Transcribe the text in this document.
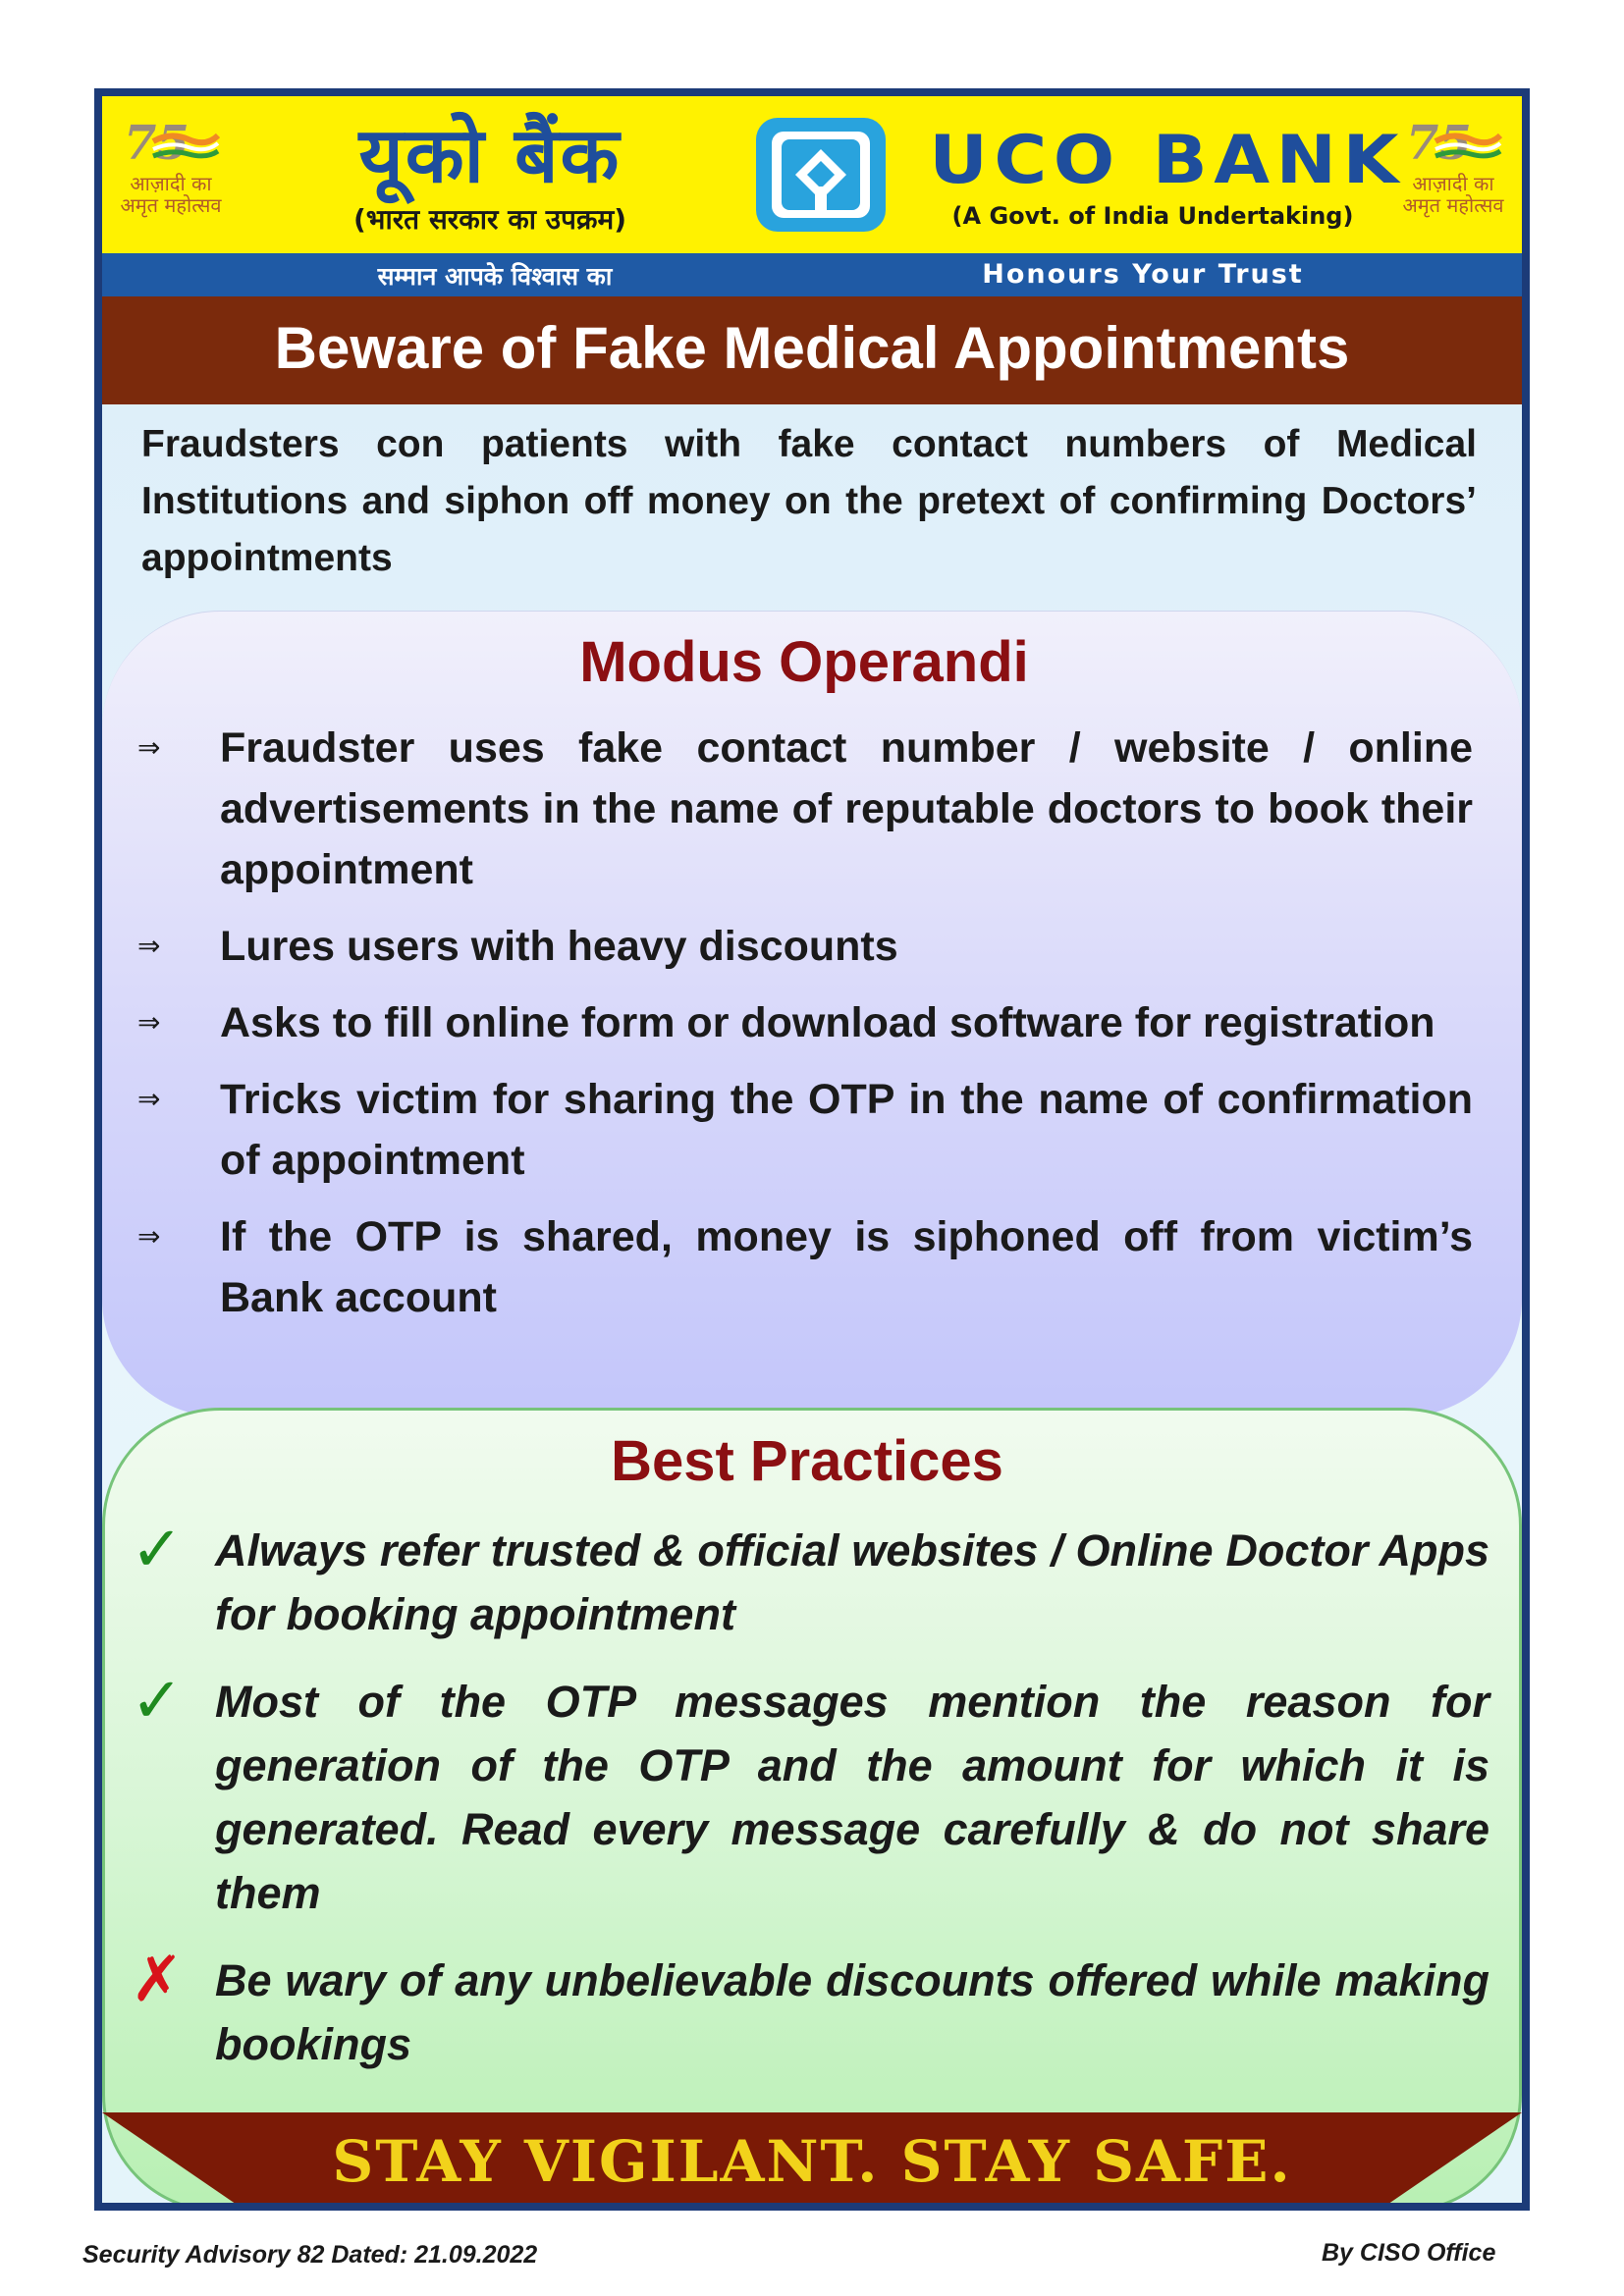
75
आज़ादी का अमृत महोत्सव
यूको बैंक
(भारत सरकार का उपक्रम)
UCO BANK
(A Govt. of India Undertaking)
75
आज़ादी का अमृत महोत्सव
सम्मान आपके विश्वास का	Honours Your Trust
Beware of Fake Medical Appointments
Fraudsters con patients with fake contact numbers of Medical Institutions and siphon off money on the pretext of confirming Doctors’ appointments
Modus Operandi
⇒ Fraudster uses fake contact number / website / online advertisements in the name of reputable doctors to book their appointment
⇒ Lures users with heavy discounts
⇒ Asks to fill online form or download software for registration
⇒ Tricks victim for sharing the OTP in the name of confirmation of appointment
⇒ If the OTP is shared, money is siphoned off from victim’s Bank account
Best Practices
✓ Always refer trusted & official websites / Online Doctor Apps for booking appointment
✓ Most of the OTP messages mention the reason for generation of the OTP and the amount for which it is generated. Read every message carefully & do not share them
✗ Be wary of any unbelievable discounts offered while making bookings
STAY VIGILANT. STAY SAFE.
Security Advisory 82 Dated: 21.09.2022	By CISO Office
